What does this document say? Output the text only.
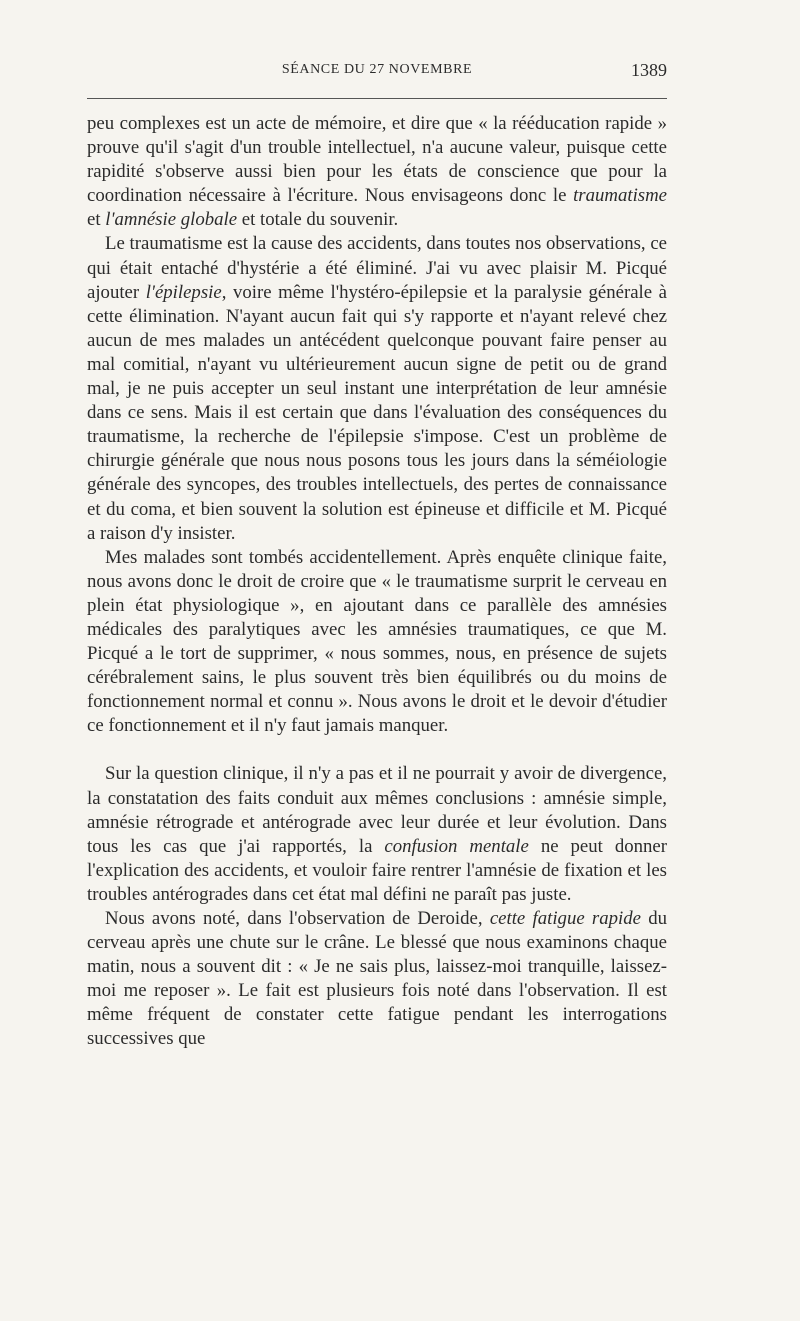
SÉANCE DU 27 NOVEMBRE	1389

peu complexes est un acte de mémoire, et dire que « la rééducation rapide » prouve qu'il s'agit d'un trouble intellectuel, n'a aucune valeur, puisque cette rapidité s'observe aussi bien pour les états de conscience que pour la coordination nécessaire à l'écriture. Nous envisageons donc le traumatisme et l'amnésie globale et totale du souvenir.

Le traumatisme est la cause des accidents, dans toutes nos observations, ce qui était entaché d'hystérie a été éliminé. J'ai vu avec plaisir M. Picqué ajouter l'épilepsie, voire même l'hystéro-épilepsie et la paralysie générale à cette élimination. N'ayant aucun fait qui s'y rapporte et n'ayant relevé chez aucun de mes malades un antécédent quelconque pouvant faire penser au mal comitial, n'ayant vu ultérieurement aucun signe de petit ou de grand mal, je ne puis accepter un seul instant une interprétation de leur amnésie dans ce sens. Mais il est certain que dans l'évaluation des conséquences du traumatisme, la recherche de l'épilepsie s'impose. C'est un problème de chirurgie générale que nous nous posons tous les jours dans la séméiologie générale des syncopes, des troubles intellectuels, des pertes de connaissance et du coma, et bien souvent la solution est épineuse et difficile et M. Picqué a raison d'y insister.

Mes malades sont tombés accidentellement. Après enquête clinique faite, nous avons donc le droit de croire que « le traumatisme surprit le cerveau en plein état physiologique », en ajoutant dans ce parallèle des amnésies médicales des paralytiques avec les amnésies traumatiques, ce que M. Picqué a le tort de supprimer, « nous sommes, nous, en présence de sujets cérébralement sains, le plus souvent très bien équilibrés ou du moins de fonctionnement normal et connu ». Nous avons le droit et le devoir d'étudier ce fonctionnement et il n'y faut jamais manquer.

Sur la question clinique, il n'y a pas et il ne pourrait y avoir de divergence, la constatation des faits conduit aux mêmes conclusions : amnésie simple, amnésie rétrograde et antérograde avec leur durée et leur évolution. Dans tous les cas que j'ai rapportés, la confusion mentale ne peut donner l'explication des accidents, et vouloir faire rentrer l'amnésie de fixation et les troubles antérogrades dans cet état mal défini ne paraît pas juste.

Nous avons noté, dans l'observation de Deroide, cette fatigue rapide du cerveau après une chute sur le crâne. Le blessé que nous examinons chaque matin, nous a souvent dit : « Je ne sais plus, laissez-moi tranquille, laissez-moi me reposer ». Le fait est plusieurs fois noté dans l'observation. Il est même fréquent de constater cette fatigue pendant les interrogations successives que
